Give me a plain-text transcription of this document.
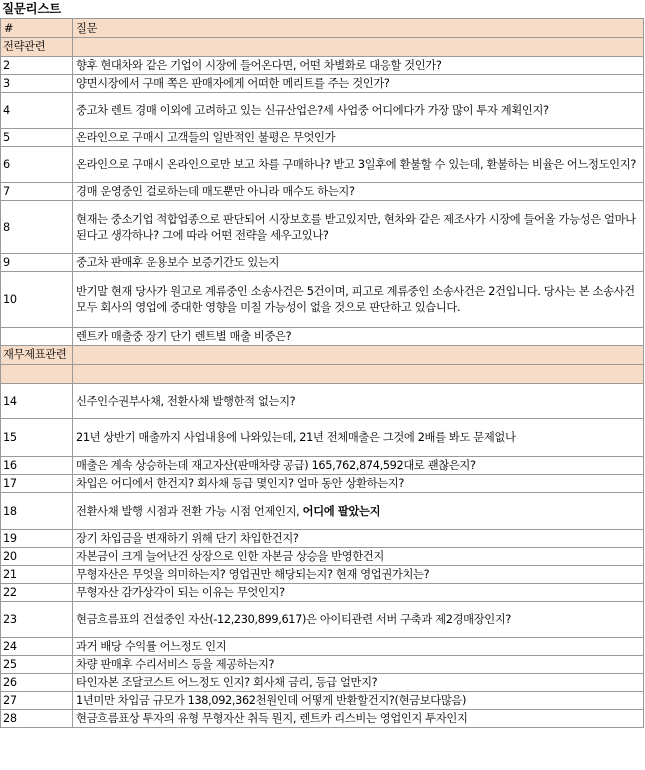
질문리스트
#	질문
전략관련	
2	향후 현대차와 같은 기업이 시장에 들어온다면, 어떤 차별화로 대응할 것인가?
3	양면시장에서 구매 쪽은 판매자에게 어떠한 메리트를 주는 것인가?
4	중고차 렌트 경매 이외에 고려하고 있는 신규산업은?세 사업중 어디에다가 가장 많이 투자 계획인지?
5	온라인으로 구매시 고객들의 일반적인 불평은 무엇인가
6	온라인으로 구매시 온라인으로만 보고 차를 구매하나? 받고 3일후에 환불할 수 있는데, 환불하는 비율은 어느정도인지?
7	경매 운영중인 걸로하는데 매도뿐만 아니라 매수도 하는지?
8	현재는 중소기업 적합업종으로 판단되어 시장보호를 받고있지만, 현차와 같은 제조사가 시장에 들어올 가능성은 얼마나 된다고 생각하나? 그에 따라 어떤 전략을 세우고있나?
9	중고차 판매후 운용보수 보증기간도 있는지
10	반기말 현재 당사가 원고로 계류중인 소송사건은 5건이며, 피고로 계류중인 소송사건은 2건입니다. 당사는 본 소송사건 모두 회사의 영업에 중대한 영향을 미칠 가능성이 없을 것으로 판단하고 있습니다.
	렌트카 매출중 장기 단기 렌트별 매출 비중은?
재무제표관련	

14	신주인수권부사채, 전환사채 발행한적 없는지?
15	21년 상반기 매출까지 사업내용에 나와있는데, 21년 전체매출은 그것에 2배를 봐도 문제없나
16	매출은 계속 상승하는데 재고자산(판매차량 공급) 165,762,874,592대로 괜찮은지?
17	차입은 어디에서 한건지? 회사채 등급 몇인지? 얼마 동안 상환하는지?
18	전환사채 발행 시점과 전환 가능 시점 언제인지, 어디에 팔았는지
19	장기 차입금을 변재하기 위해 단기 차입한건지?
20	자본금이 크게 늘어난건 상장으로 인한 자본금 상승을 반영한건지
21	무형자산은 무엇을 의미하는지? 영업권만 해당되는지? 현재 영업권가치는?
22	무형자산 감가상각이 되는 이유는 무엇인지?
23	현금흐름표의 건설중인 자산(-12,230,899,617)은 아이티관련 서버 구축과 제2경매장인지?
24	과거 배당 수익률 어느정도 인지
25	차량 판매후 수리서비스 등을 제공하는지?
26	타인자본 조달코스트 어느정도 인지? 회사채 금리, 등급 얼만지?
27	1년미만 차입금 규모가 138,092,362천원인데 어떻게 반환할건지?(현금보다많음)
28	현금흐름표상 투자의 유형 무형자산 취득 뭔지, 렌트카 리스비는 영업인지 투자인지
